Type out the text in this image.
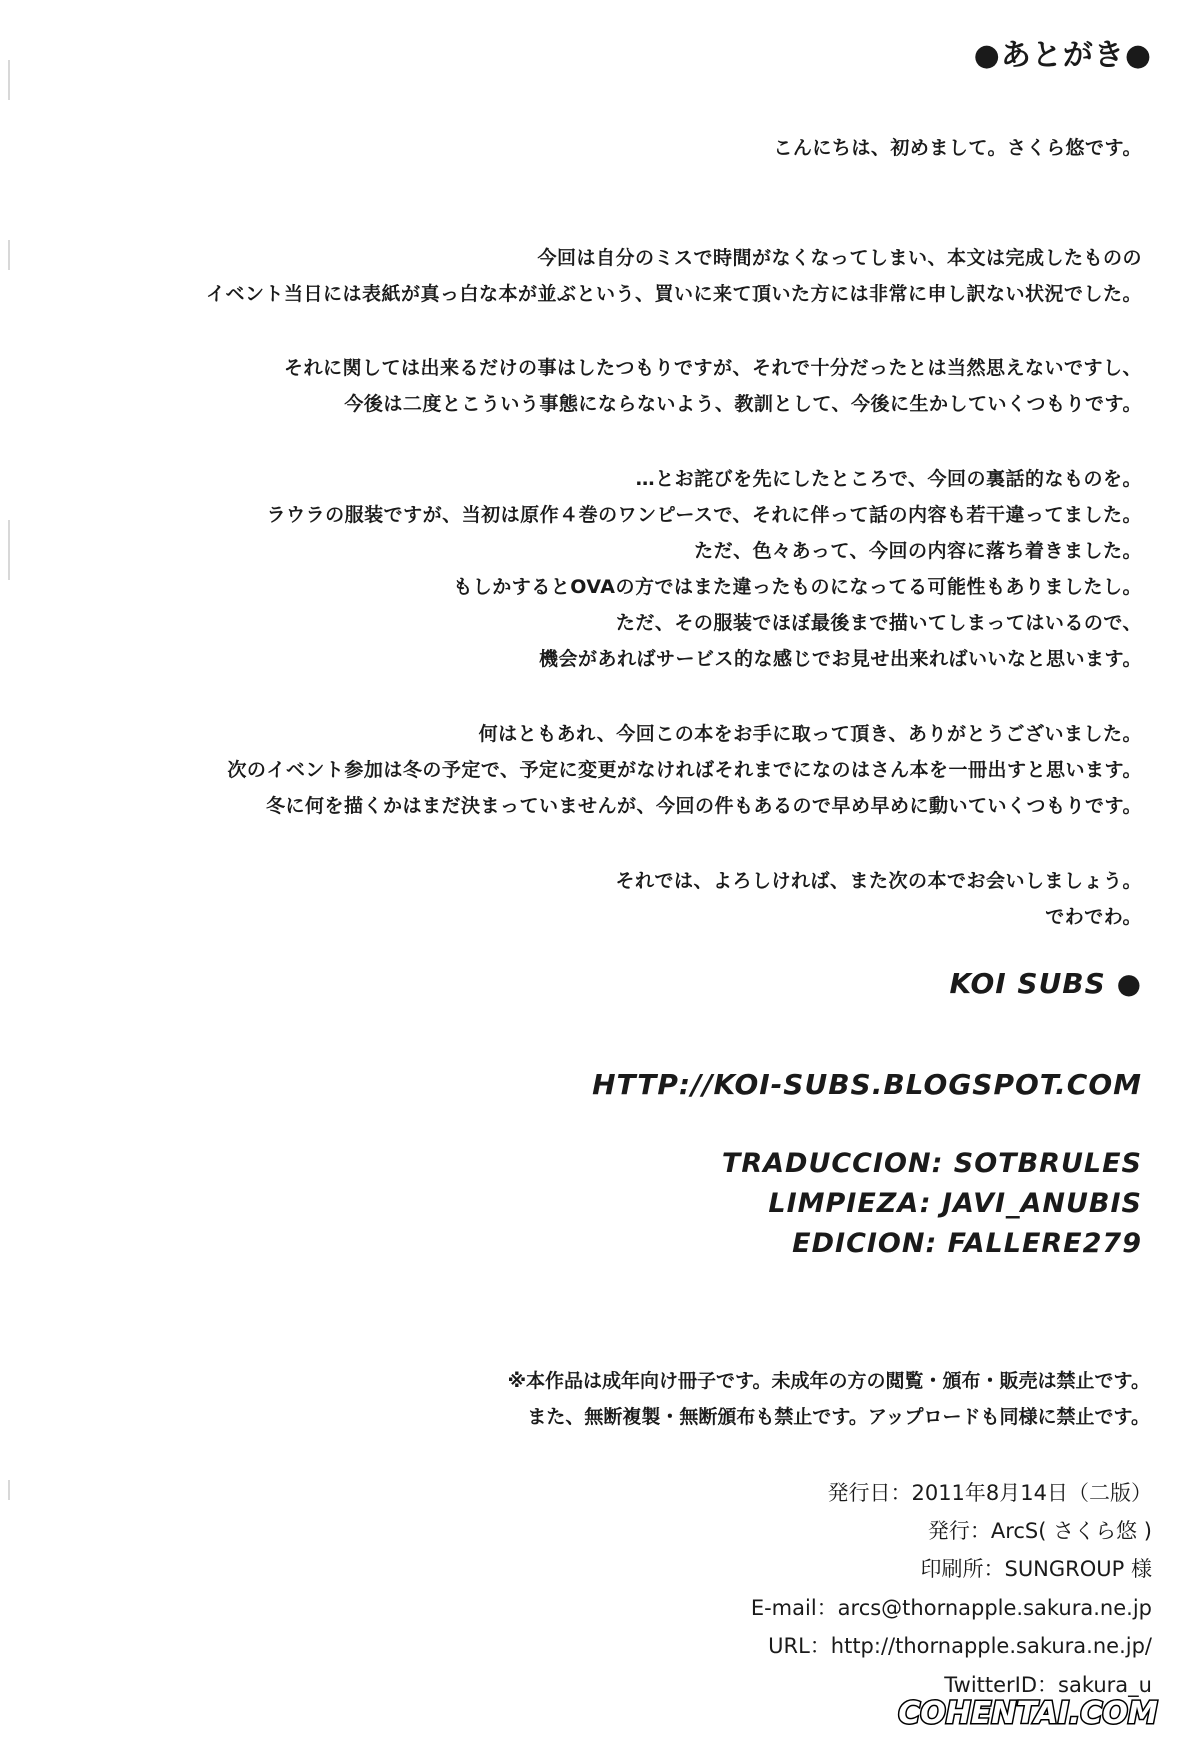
●あとがき●
こんにちは、初めまして。さくら悠です。
今回は自分のミスで時間がなくなってしまい、本文は完成したものの
イベント当日には表紙が真っ白な本が並ぶという、買いに来て頂いた方には非常に申し訳ない状況でした。
それに関しては出来るだけの事はしたつもりですが、それで十分だったとは当然思えないですし、
今後は二度とこういう事態にならないよう、教訓として、今後に生かしていくつもりです。
…とお詫びを先にしたところで、今回の裏話的なものを。
ラウラの服装ですが、当初は原作４巻のワンピースで、それに伴って話の内容も若干違ってました。
ただ、色々あって、今回の内容に落ち着きました。
もしかするとOVAの方ではまた違ったものになってる可能性もありましたし。
ただ、その服装でほぼ最後まで描いてしまってはいるので、
機会があればサービス的な感じでお見せ出来ればいいなと思います。
何はともあれ、今回この本をお手に取って頂き、ありがとうございました。
次のイベント参加は冬の予定で、予定に変更がなければそれまでになのはさん本を一冊出すと思います。
冬に何を描くかはまだ決まっていませんが、今回の件もあるので早め早めに動いていくつもりです。
それでは、よろしければ、また次の本でお会いしましょう。
でわでわ。
KOI SUBS ●
HTTP://KOI-SUBS.BLOGSPOT.COM
TRADUCCION: SOTBRULES
LIMPIEZA: JAVI_ANUBIS
EDICION: FALLERE279
※本作品は成年向け冊子です。未成年の方の閲覧・頒布・販売は禁止です。
また、無断複製・無断頒布も禁止です。アップロードも同様に禁止です。
発行日：2011年8月14日（二版）
発行：ArcS( さくら悠 )
印刷所：SUNGROUP 様
E-mail：arcs@thornapple.sakura.ne.jp
URL：http://thornapple.sakura.ne.jp/
TwitterID：sakura_u
COHENTAI.COM
